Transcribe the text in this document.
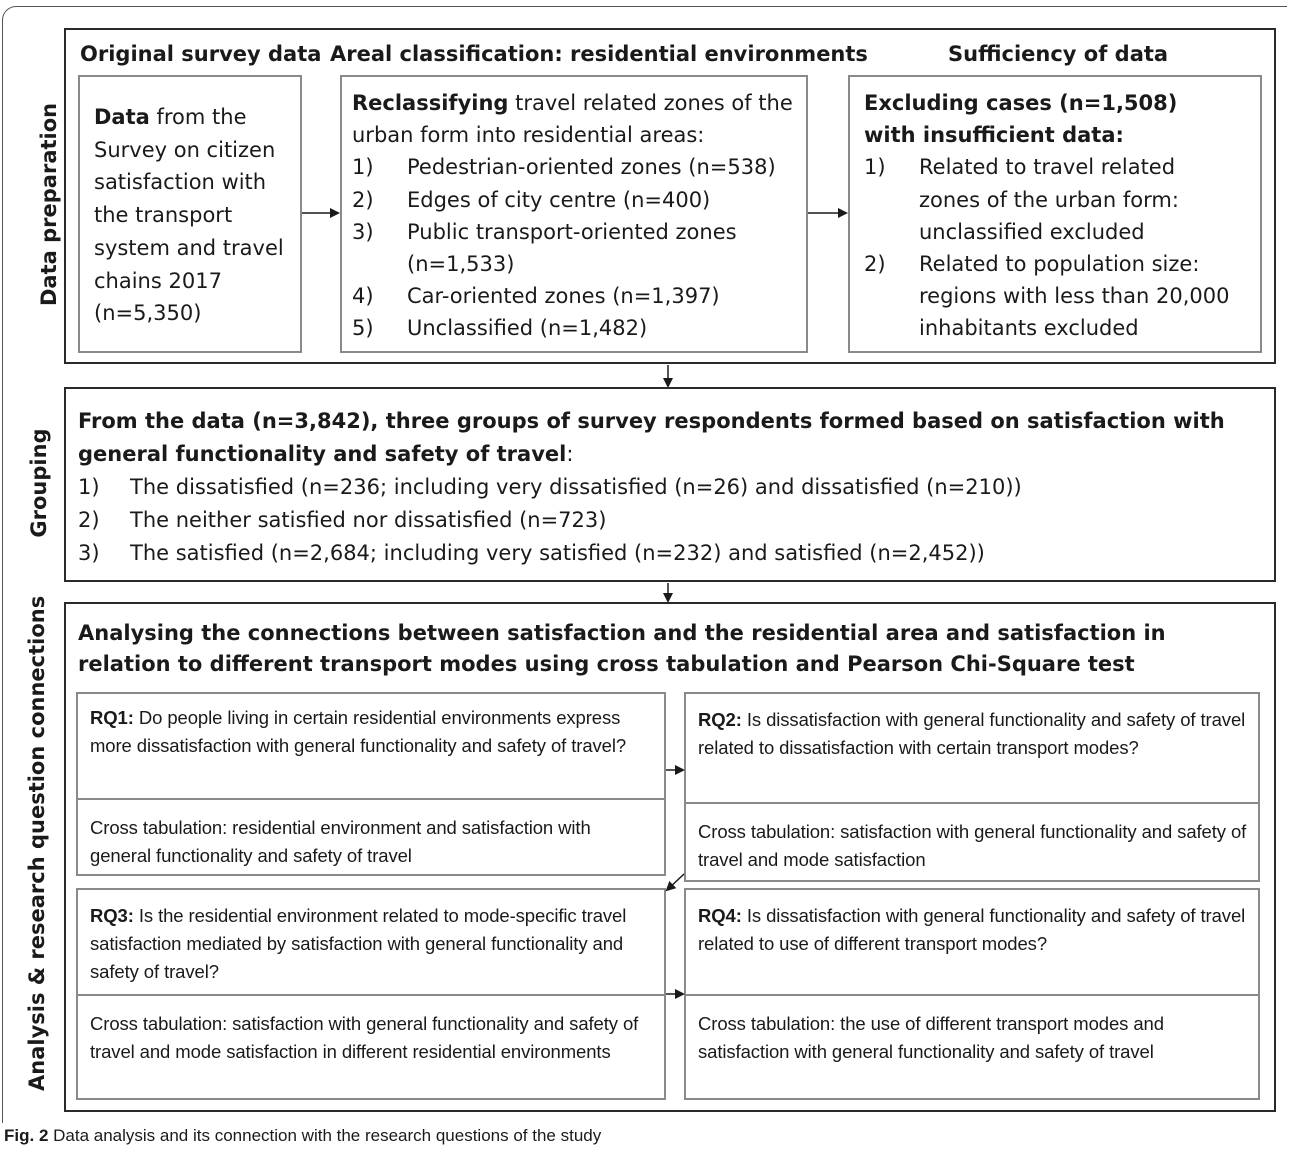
Data preparation
Original survey data Areal classification: residential environments	Sufficiency of data
Data from the Survey on citizen satisfaction with the transport system and travel chains 2017 (n=5,350)
Reclassifying travel related zones of the urban form into residential areas:
1) Pedestrian-oriented zones (n=538)
2) Edges of city centre (n=400)
3) Public transport-oriented zones (n=1,533)
4) Car-oriented zones (n=1,397)
5) Unclassified (n=1,482)
Excluding cases (n=1,508) with insufficient data:
1) Related to travel related zones of the urban form: unclassified excluded
2) Related to population size: regions with less than 20,000 inhabitants excluded
From the data (n=3,842), three groups of survey respondents formed based on satisfaction with general functionality and safety of travel:
1) The dissatisfied (n=236; including very dissatisfied (n=26) and dissatisfied (n=210))
2) The neither satisfied nor dissatisfied (n=723)
3) The satisfied (n=2,684; including very satisfied (n=232) and satisfied (n=2,452))
Grouping
Analysing the connections between satisfaction and the residential area and satisfaction in relation to different transport modes using cross tabulation and Pearson Chi-Square test
Analysis & research question connections RQ1: Do people living in certain residential environments express more dissatisfaction with general functionality and safety of travel?
Cross tabulation: residential environment and satisfaction with general functionality and safety of travel
RQ2: Is dissatisfaction with general functionality and safety of travel related to dissatisfaction with certain transport modes?
Cross tabulation: satisfaction with general functionality and safety of travel and mode satisfaction
RQ3: Is the residential environment related to mode-specific travel satisfaction mediated by satisfaction with general functionality and safety of travel?
Cross tabulation: satisfaction with general functionality and safety of travel and mode satisfaction in different residential environments
RQ4: Is dissatisfaction with general functionality and safety of travel related to use of different transport modes?
Cross tabulation: the use of different transport modes and satisfaction with general functionality and safety of travel
Fig. 2 Data analysis and its connection with the research questions of the study
